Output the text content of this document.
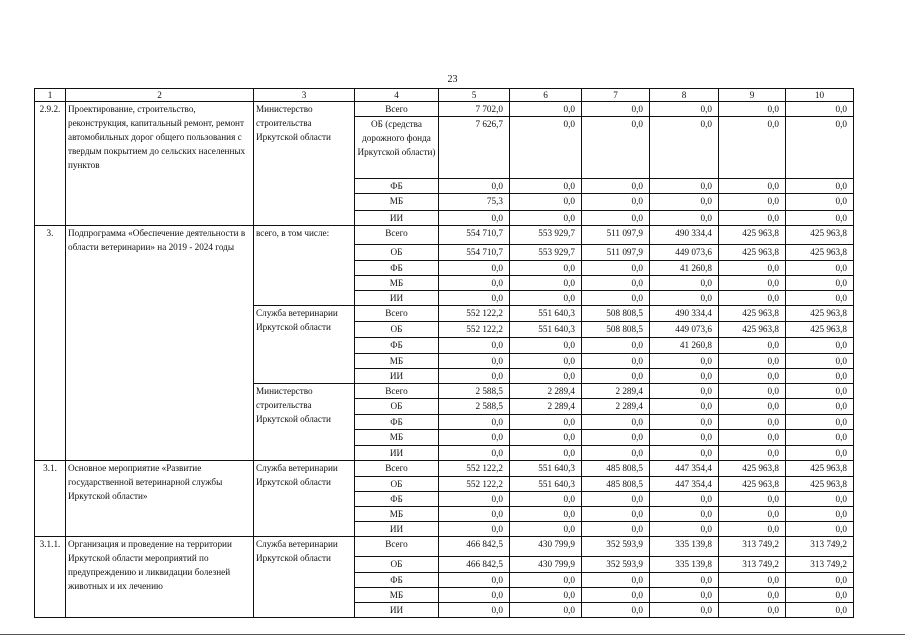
23
1	2	3	4	5	6	7	8	9	10
2.9.2.	Проектирование, строительство, реконструкция, капитальный ремонт, ремонт автомобильных дорог общего пользования с твердым покрытием до сельских населенных пунктов	Министерство строительства Иркутской области	Всего	7 702,0	0,0	0,0	0,0	0,0	0,0
			ОБ (средства дорожного фонда Иркутской области)	7 626,7	0,0	0,0	0,0	0,0	0,0
			ФБ	0,0	0,0	0,0	0,0	0,0	0,0
			МБ	75,3	0,0	0,0	0,0	0,0	0,0
			ИИ	0,0	0,0	0,0	0,0	0,0	0,0
3.	Подпрограмма «Обеспечение деятельности в области ветеринарии» на 2019 - 2024 годы	всего, в том числе:	Всего	554 710,7	553 929,7	511 097,9	490 334,4	425 963,8	425 963,8
			ОБ	554 710,7	553 929,7	511 097,9	449 073,6	425 963,8	425 963,8
			ФБ	0,0	0,0	0,0	41 260,8	0,0	0,0
			МБ	0,0	0,0	0,0	0,0	0,0	0,0
			ИИ	0,0	0,0	0,0	0,0	0,0	0,0
		Служба ветеринарии Иркутской области	Всего	552 122,2	551 640,3	508 808,5	490 334,4	425 963,8	425 963,8
			ОБ	552 122,2	551 640,3	508 808,5	449 073,6	425 963,8	425 963,8
			ФБ	0,0	0,0	0,0	41 260,8	0,0	0,0
			МБ	0,0	0,0	0,0	0,0	0,0	0,0
			ИИ	0,0	0,0	0,0	0,0	0,0	0,0
		Министерство строительства Иркутской области	Всего	2 588,5	2 289,4	2 289,4	0,0	0,0	0,0
			ОБ	2 588,5	2 289,4	2 289,4	0,0	0,0	0,0
			ФБ	0,0	0,0	0,0	0,0	0,0	0,0
			МБ	0,0	0,0	0,0	0,0	0,0	0,0
			ИИ	0,0	0,0	0,0	0,0	0,0	0,0
3.1.	Основное мероприятие «Развитие государственной ветеринарной службы Иркутской области»	Служба ветеринарии Иркутской области	Всего	552 122,2	551 640,3	485 808,5	447 354,4	425 963,8	425 963,8
			ОБ	552 122,2	551 640,3	485 808,5	447 354,4	425 963,8	425 963,8
			ФБ	0,0	0,0	0,0	0,0	0,0	0,0
			МБ	0,0	0,0	0,0	0,0	0,0	0,0
			ИИ	0,0	0,0	0,0	0,0	0,0	0,0
3.1.1.	Организация и проведение на территории Иркутской области мероприятий по предупреждению и ликвидации болезней животных и их лечению	Служба ветеринарии Иркутской области	Всего	466 842,5	430 799,9	352 593,9	335 139,8	313 749,2	313 749,2
			ОБ	466 842,5	430 799,9	352 593,9	335 139,8	313 749,2	313 749,2
			ФБ	0,0	0,0	0,0	0,0	0,0	0,0
			МБ	0,0	0,0	0,0	0,0	0,0	0,0
			ИИ	0,0	0,0	0,0	0,0	0,0	0,0
